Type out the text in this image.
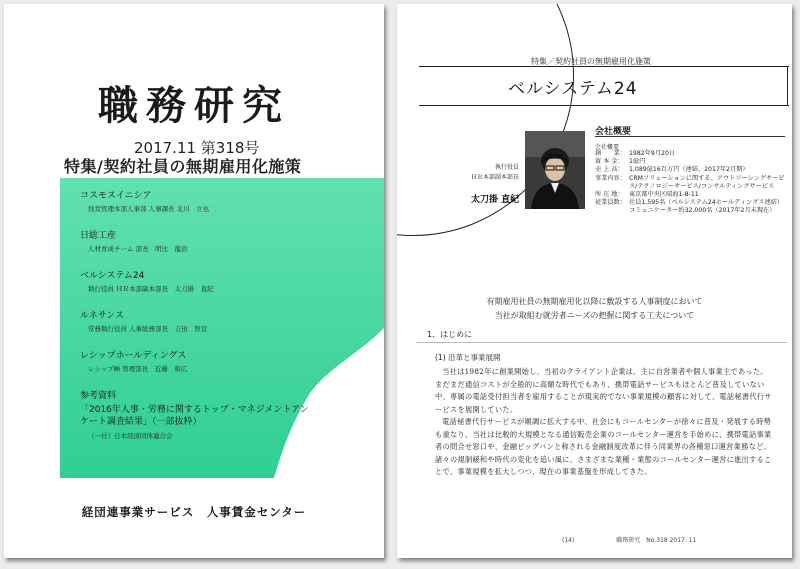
職務研究
2017.11 第318号
特集/契約社員の無期雇用化施策
コスモスイニシア
経営管理本部人事部 人事課長 北川　立也
日総工産
人材育成チーム 部長　明比　龍治
ベルシステム24
執行役員 ＨＲ本部副本部長　太刀掛　直紀
ルネサンス
常務執行役員 人事総務部長　吉田　智宣
レシップホールディングス
レシップ㈱ 管理部長　近藤　和広
参考資料
「2016年人事・労務に関するトップ・マネジメントアンケート調査結果」（一部抜粋）
（一社）日本経済団体連合会
経団連事業サービス　人事賃金センター
特集／契約社員の無期雇用化施策
ベルシステム24
執行役員
ＨＲ本部副本部長
太刀掛 直紀
会社概要
会社概要
創　　業： 1982年9月20日
資 本 金： 1億円
売 上 高： 1,089億16百万円（連結、2017年2月期）
事業内容： CRMソリューションに関する、アウトソーシングサービス/テクノロジーサービス/コンサルティングサービス
所 在 地： 東京都中央区晴海1-8-11
従業員数： 社員1,595名（ベルシステム24ホールディングス連結）コミュニケーター約32,000名（2017年2月末現在）
有期雇用社員の無期雇用化以降に敷設する人事制度において
当社が取組む就労者ニーズの把握に関する工夫について
1．はじめに
(1) 沿革と事業展開
当社は1982年に創業開始し、当初のクライアント企業は、主に自営業者や個人事業主であった。まだまだ通信コストが全般的に高額な時代でもあり、携帯電話サービスもほとんど普及していない中、専属の電話受付担当者を雇用することが現実的でない事業規模の顧客に対して、電話秘書代行サービスを展開していた。
電話秘書代行サービスが順調に拡大する中、社会にもコールセンターが徐々に普及・発展する時勢も重なり、当社は比較的大規模となる通信販売企業のコールセンター運営を手始めに、携帯電話事業者の問合せ窓口や、金融ビッグバンと称される金融制度改革に伴う同業界の各種窓口運営業務など、諸々の規制緩和や時代の変化を追い風に、さまざまな業種・業態のコールセンター運営に進出することで、事業規模を拡大しつつ、現在の事業基盤を形成してきた。
(14)	職務研究　No.318 2017. 11
